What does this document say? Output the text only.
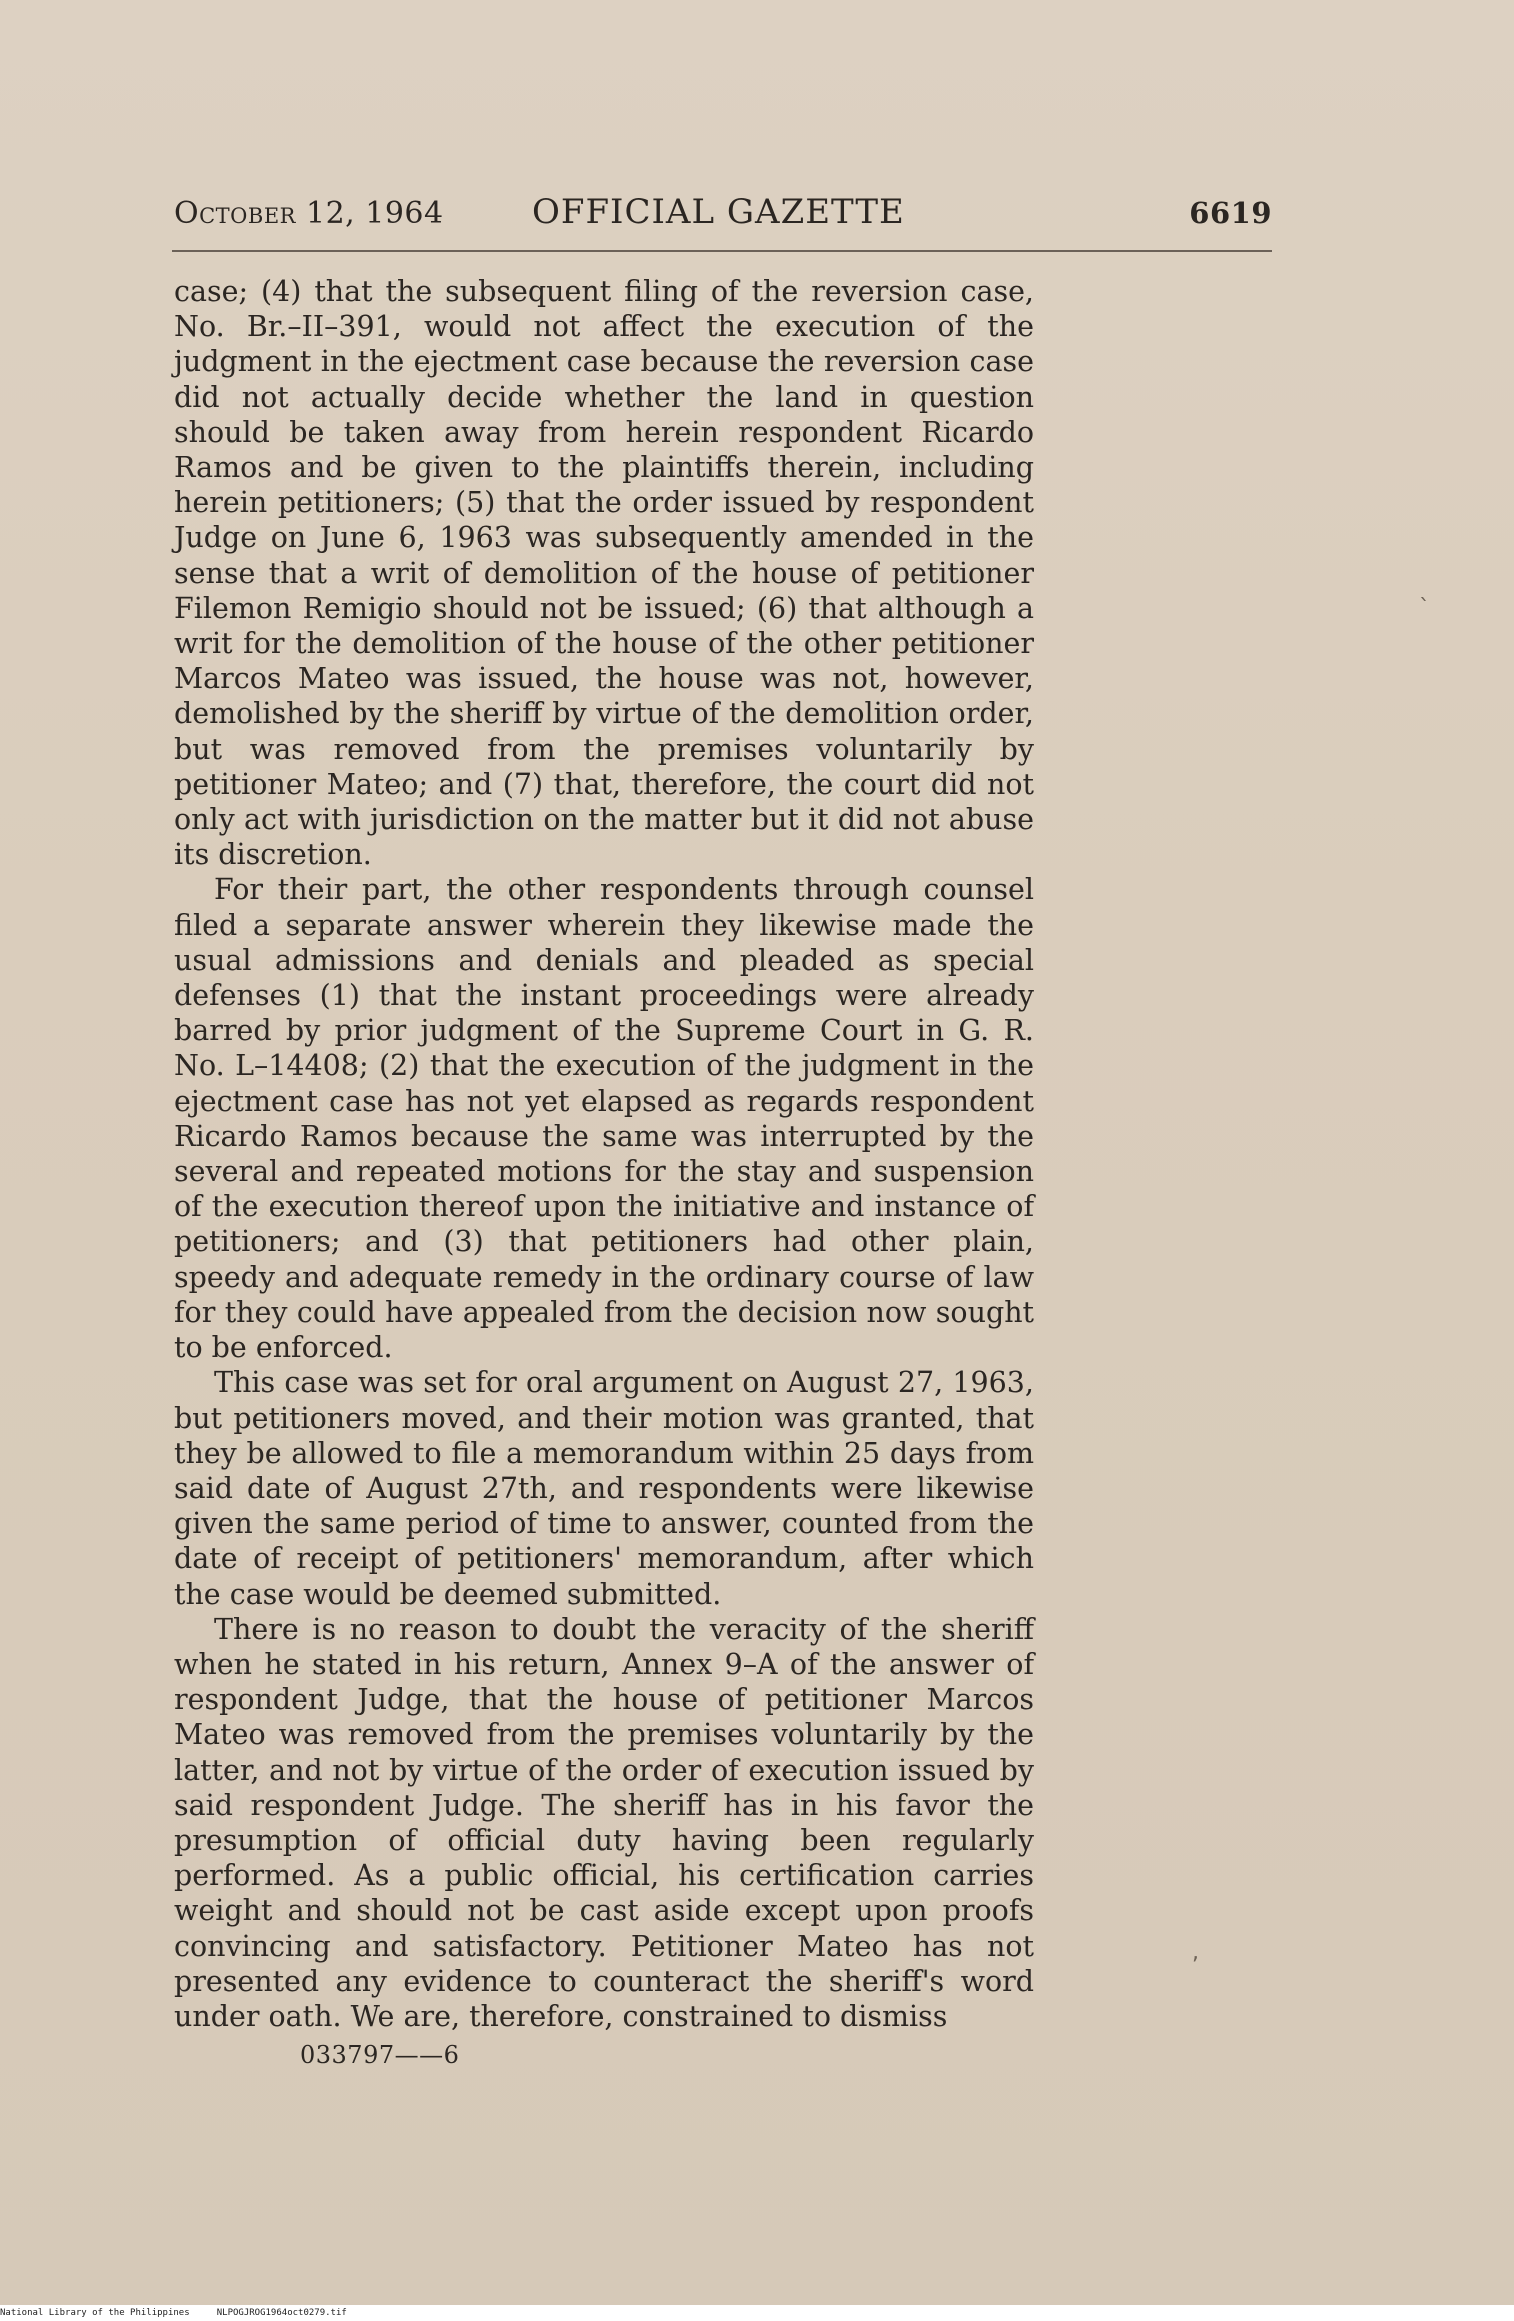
October 12, 1964	OFFICIAL GAZETTE	6619

case; (4) that the subsequent filing of the reversion case, No. Br.–II–391, would not affect the execution of the judgment in the ejectment case because the reversion case did not actually decide whether the land in question should be taken away from herein respondent Ricardo Ramos and be given to the plaintiffs therein, including herein petitioners; (5) that the order issued by respondent Judge on June 6, 1963 was subsequently amended in the sense that a writ of demolition of the house of petitioner Filemon Remigio should not be issued; (6) that although a writ for the demolition of the house of the other petitioner Marcos Mateo was issued, the house was not, however, demolished by the sheriff by virtue of the demolition order, but was removed from the premises voluntarily by petitioner Mateo; and (7) that, therefore, the court did not only act with jurisdiction on the matter but it did not abuse its discretion.

For their part, the other respondents through counsel filed a separate answer wherein they likewise made the usual admissions and denials and pleaded as special defenses (1) that the instant proceedings were already barred by prior judgment of the Supreme Court in G. R. No. L–14408; (2) that the execution of the judgment in the ejectment case has not yet elapsed as regards respondent Ricardo Ramos because the same was interrupted by the several and repeated motions for the stay and suspension of the execution thereof upon the initiative and instance of petitioners; and (3) that petitioners had other plain, speedy and adequate remedy in the ordinary course of law for they could have appealed from the decision now sought to be enforced.

This case was set for oral argument on August 27, 1963, but petitioners moved, and their motion was granted, that they be allowed to file a memorandum within 25 days from said date of August 27th, and respondents were likewise given the same period of time to answer, counted from the date of receipt of petitioners' memorandum, after which the case would be deemed submitted.

There is no reason to doubt the veracity of the sheriff when he stated in his return, Annex 9–A of the answer of respondent Judge, that the house of petitioner Marcos Mateo was removed from the premises voluntarily by the latter, and not by virtue of the order of execution issued by said respondent Judge. The sheriff has in his favor the presumption of official duty having been regularly performed. As a public official, his certification carries weight and should not be cast aside except upon proofs convincing and satisfactory. Petitioner Mateo has not presented any evidence to counteract the sheriff's word under oath. We are, therefore, constrained to dismiss

033797——6
`
,
National Library of the Philippines	NLPOGJROG1964oct0279.tif
